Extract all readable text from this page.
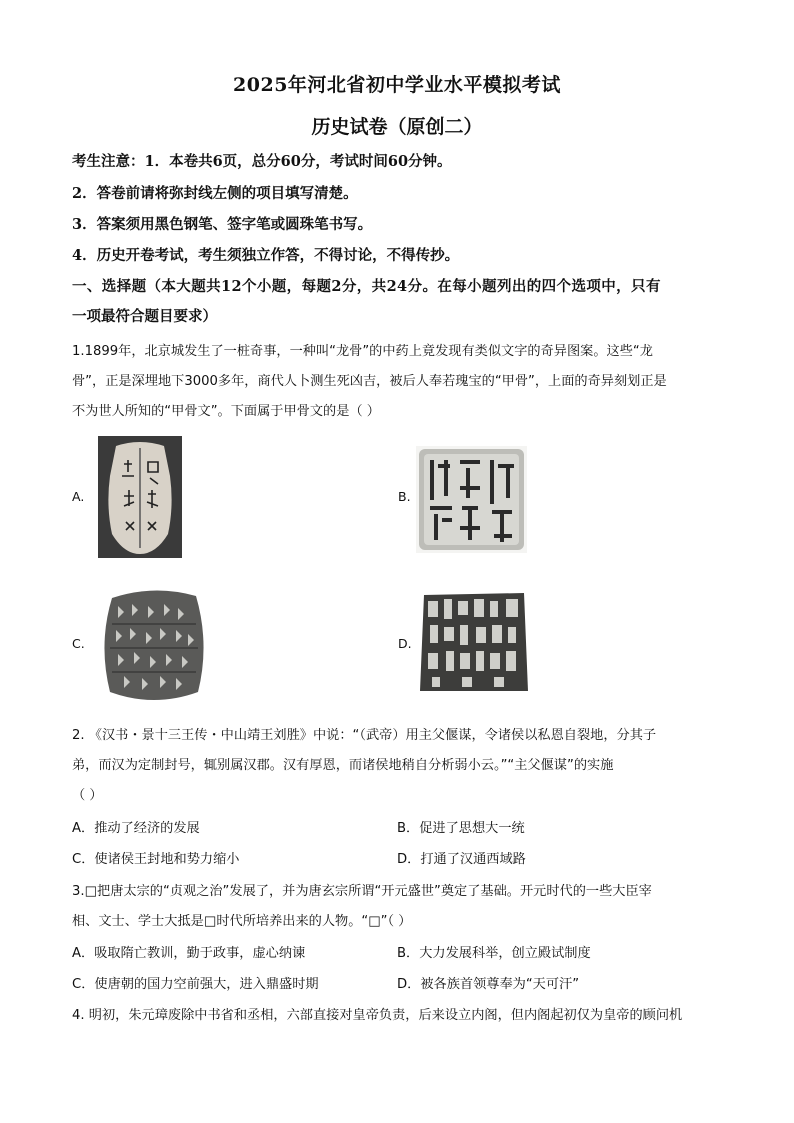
2025年河北省初中学业水平模拟考试
历史试卷（原创二）
考生注意：1．本卷共6页，总分60分，考试时间60分钟。
2．答卷前请将弥封线左侧的项目填写清楚。
3．答案须用黑色钢笔、签字笔或圆珠笔书写。
4．历史开卷考试，考生须独立作答，不得讨论，不得传抄。
一、选择题（本大题共12个小题，每题2分，共24分。在每小题列出的四个选项中，只有
一项最符合题目要求）
1.1899年，北京城发生了一桩奇事，一种叫“龙骨”的中药上竟发现有类似文字的奇异图案。这些“龙
骨”，正是深埋地下3000多年，商代人卜测生死凶吉，被后人奉若瑰宝的“甲骨”，上面的奇异刻划正是
不为世人所知的“甲骨文”。下面属于甲骨文的是（ ）
A.	B.
C.	D.
2. 《汉书・景十三王传・中山靖王刘胜》中说：“（武帝）用主父偃谋，令诸侯以私恩自裂地，分其子
弟，而汉为定制封号，辄别属汉郡。汉有厚恩，而诸侯地稍自分析弱小云。”“主父偃谋”的实施
（ ）
A．推动了经济的发展	B．促进了思想大一统
C．使诸侯王封地和势力缩小	D．打通了汉通西域路
3.□把唐太宗的“贞观之治”发展了，并为唐玄宗所谓“开元盛世”奠定了基础。开元时代的一些大臣宰
相、文士、学士大抵是□时代所培养出来的人物。“□”（ ）
A．吸取隋亡教训，勤于政事，虚心纳谏	B．大力发展科举，创立殿试制度
C．使唐朝的国力空前强大，进入鼎盛时期	D．被各族首领尊奉为“天可汗”
4. 明初，朱元璋废除中书省和丞相，六部直接对皇帝负责，后来设立内阁，但内阁起初仅为皇帝的顾问机
